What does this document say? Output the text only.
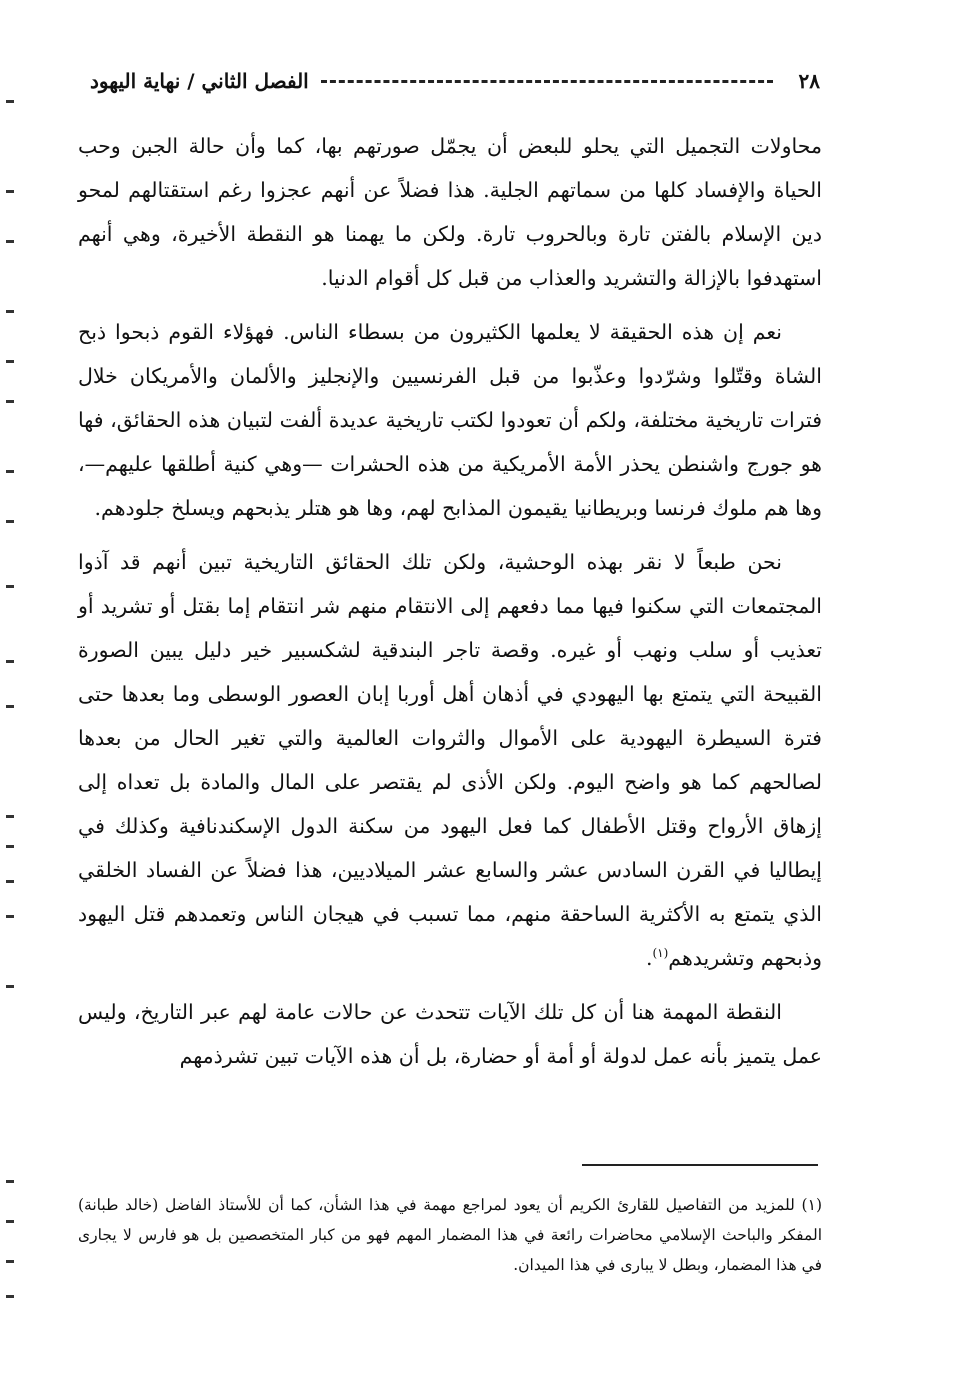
٢٨
الفصل الثاني / نهاية اليهود

محاولات التجميل التي يحلو للبعض أن يجمّل صورتهم بها، كما وأن حالة الجبن وحب الحياة والإفساد كلها من سماتهم الجلية. هذا فضلاً عن أنهم عجزوا رغم استقتالهم لمحو دين الإسلام بالفتن تارة وبالحروب تارة. ولكن ما يهمنا هو النقطة الأخيرة، وهي أنهم استهدفوا بالإزالة والتشريد والعذاب من قبل كل أقوام الدنيا.

نعم إن هذه الحقيقة لا يعلمها الكثيرون من بسطاء الناس. فهؤلاء القوم ذبحوا ذبح الشاة وقتّلوا وشرّدوا وعذّبوا من قبل الفرنسيين والإنجليز والألمان والأمريكان خلال فترات تاريخية مختلفة، ولكم أن تعودوا لكتب تاريخية عديدة ألفت لتبيان هذه الحقائق، فها هو جورج واشنطن يحذر الأمة الأمريكية من هذه الحشرات —وهي كنية أطلقها عليهم—، وها هم ملوك فرنسا وبريطانيا يقيمون المذابح لهم، وها هو هتلر يذبحهم ويسلخ جلودهم.

نحن طبعاً لا نقر بهذه الوحشية، ولكن تلك الحقائق التاريخية تبين أنهم قد آذوا المجتمعات التي سكنوا فيها مما دفعهم إلى الانتقام منهم شر انتقام إما بقتل أو تشريد أو تعذيب أو سلب ونهب أو غيره. وقصة تاجر البندقية لشكسبير خير دليل يبين الصورة القبيحة التي يتمتع بها اليهودي في أذهان أهل أوربا إبان العصور الوسطى وما بعدها حتى فترة السيطرة اليهودية على الأموال والثروات العالمية والتي تغير الحال من بعدها لصالحهم كما هو واضح اليوم. ولكن الأذى لم يقتصر على المال والمادة بل تعداه إلى إزهاق الأرواح وقتل الأطفال كما فعل اليهود من سكنة الدول الإسكندنافية وكذلك في إيطاليا في القرن السادس عشر والسابع عشر الميلاديين، هذا فضلاً عن الفساد الخلقي الذي يتمتع به الأكثرية الساحقة منهم، مما تسبب في هيجان الناس وتعمدهم قتل اليهود وذبحهم وتشريدهم$^{(١)}$.

النقطة المهمة هنا أن كل تلك الآيات تتحدث عن حالات عامة لهم عبر التاريخ، وليس عمل يتميز بأنه عمل لدولة أو أمة أو حضارة، بل أن هذه الآيات تبين تشرذمهم

(١) للمزيد من التفاصيل للقارئ الكريم أن يعود لمراجع مهمة في هذا الشأن، كما أن للأستاذ الفاضل (خالد طبانة) المفكر والباحث الإسلامي محاضرات رائعة في هذا المضمار المهم فهو من كبار المتخصصين بل هو فارس لا يجارى في هذا المضمار، وبطل لا يبارى في هذا الميدان.
